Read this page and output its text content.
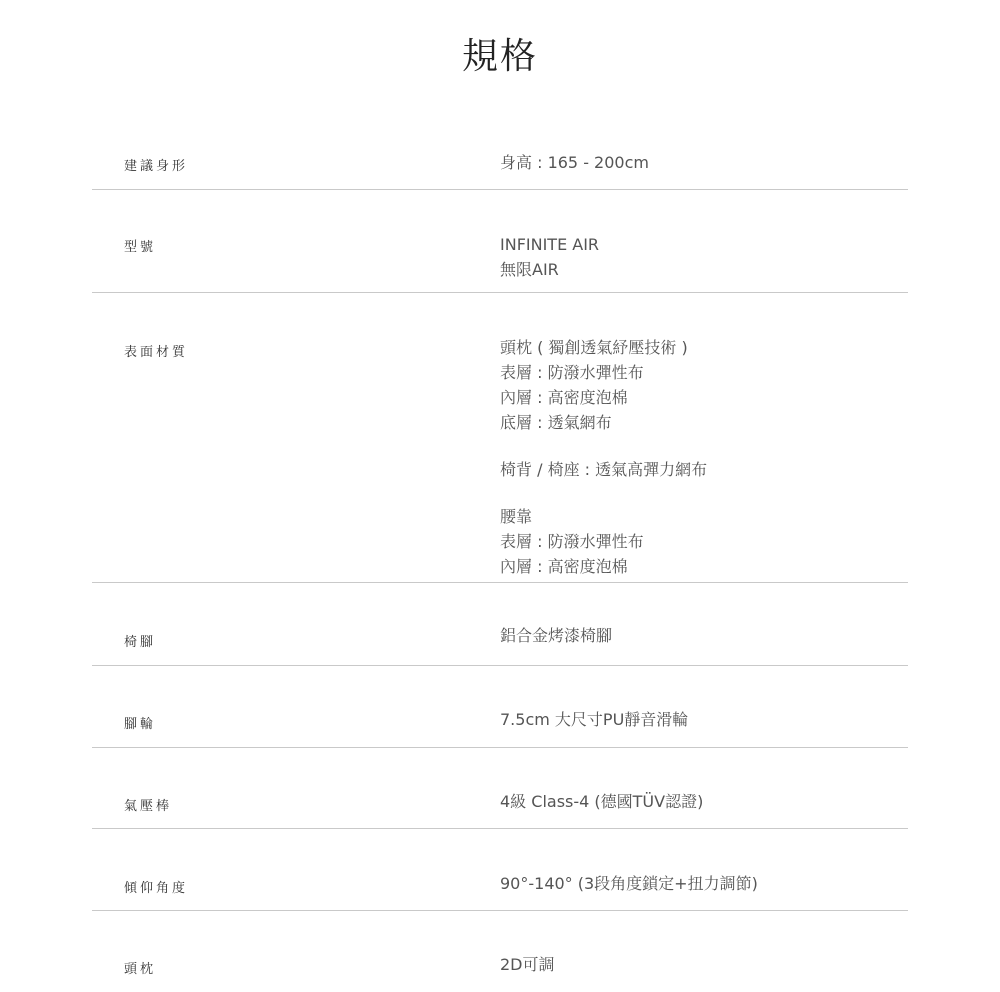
規格
建議身形	身高 : 165 - 200cm
型號	INFINITE AIR
無限AIR
表面材質	頭枕 ( 獨創透氣紓壓技術 )
表層 : 防潑水彈性布
內層 : 高密度泡棉
底層 : 透氣網布
椅背 / 椅座 : 透氣高彈力網布
腰靠
表層 : 防潑水彈性布
內層 : 高密度泡棉
椅腳	鋁合金烤漆椅腳
腳輪	7.5cm 大尺寸PU靜音滑輪
氣壓棒	4級 Class-4 (德國TÜV認證)
傾仰角度	90°-140° (3段角度鎖定+扭力調節)
頭枕	2D可調
